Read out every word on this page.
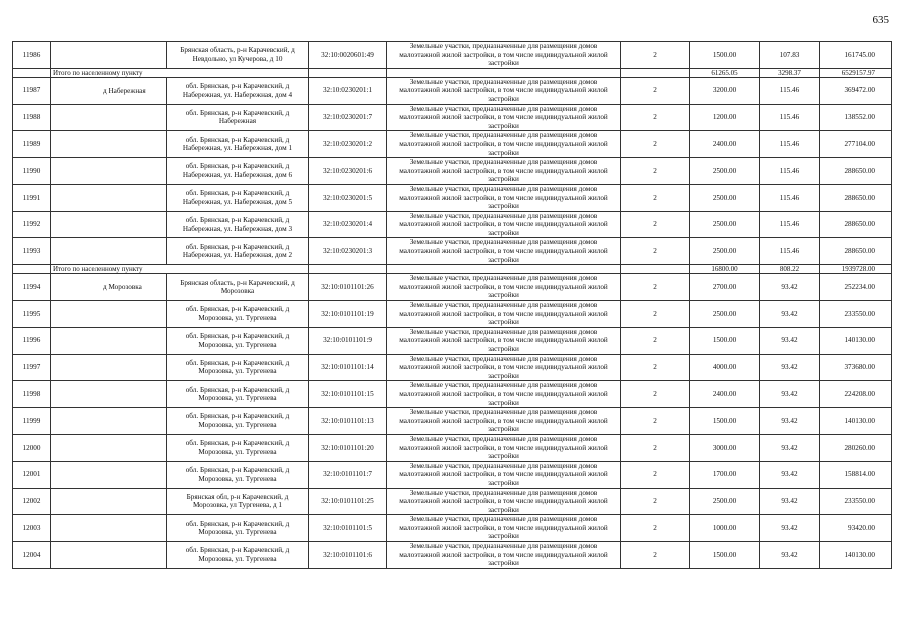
635
11986		Брянская область, р-н Карачевский, д Невдольно, ул Кучерова, д 10	32:10:0020601:49	Земельные участки, предназначенные для размещения домов малоэтажной жилой застройки, в том числе индивидуальной жилой застройки	2	1500.00	107.83	161745.00
	Итого по населенному пункту					61265.05	3298.37	6529157.97
11987	д Набережная	обл. Брянская, р-н Карачевский, д Набережная, ул. Набережная, дом 4	32:10:0230201:1	Земельные участки, предназначенные для размещения домов малоэтажной жилой застройки, в том числе индивидуальной жилой застройки	2	3200.00	115.46	369472.00
11988		обл. Брянская, р-н Карачевский, д Набережная	32:10:0230201:7	Земельные участки, предназначенные для размещения домов малоэтажной жилой застройки, в том числе индивидуальной жилой застройки	2	1200.00	115.46	138552.00
11989		обл. Брянская, р-н Карачевский, д Набережная, ул. Набережная, дом 1	32:10:0230201:2	Земельные участки, предназначенные для размещения домов малоэтажной жилой застройки, в том числе индивидуальной жилой застройки	2	2400.00	115.46	277104.00
11990		обл. Брянская, р-н Карачевский, д Набережная, ул. Набережная, дом 6	32:10:0230201:6	Земельные участки, предназначенные для размещения домов малоэтажной жилой застройки, в том числе индивидуальной жилой застройки	2	2500.00	115.46	288650.00
11991		обл. Брянская, р-н Карачевский, д Набережная, ул. Набережная, дом 5	32:10:0230201:5	Земельные участки, предназначенные для размещения домов малоэтажной жилой застройки, в том числе индивидуальной жилой застройки	2	2500.00	115.46	288650.00
11992		обл. Брянская, р-н Карачевский, д Набережная, ул. Набережная, дом 3	32:10:0230201:4	Земельные участки, предназначенные для размещения домов малоэтажной жилой застройки, в том числе индивидуальной жилой застройки	2	2500.00	115.46	288650.00
11993		обл. Брянская, р-н Карачевский, д Набережная, ул. Набережная, дом 2	32:10:0230201:3	Земельные участки, предназначенные для размещения домов малоэтажной жилой застройки, в том числе индивидуальной жилой застройки	2	2500.00	115.46	288650.00
	Итого по населенному пункту					16800.00	808.22	1939728.00
11994	д Морозовка	Брянская область, р-н Карачевский, д Морозовка	32:10:0101101:26	Земельные участки, предназначенные для размещения домов малоэтажной жилой застройки, в том числе индивидуальной жилой застройки	2	2700.00	93.42	252234.00
11995		обл. Брянская, р-н Карачевский, д Морозовка, ул. Тургенева	32:10:0101101:19	Земельные участки, предназначенные для размещения домов малоэтажной жилой застройки, в том числе индивидуальной жилой застройки	2	2500.00	93.42	233550.00
11996		обл. Брянская, р-н Карачевский, д Морозовка, ул. Тургенева	32:10:0101101:9	Земельные участки, предназначенные для размещения домов малоэтажной жилой застройки, в том числе индивидуальной жилой застройки	2	1500.00	93.42	140130.00
11997		обл. Брянская, р-н Карачевский, д Морозовка, ул. Тургенева	32:10:0101101:14	Земельные участки, предназначенные для размещения домов малоэтажной жилой застройки, в том числе индивидуальной жилой застройки	2	4000.00	93.42	373680.00
11998		обл. Брянская, р-н Карачевский, д Морозовка, ул. Тургенева	32:10:0101101:15	Земельные участки, предназначенные для размещения домов малоэтажной жилой застройки, в том числе индивидуальной жилой застройки	2	2400.00	93.42	224208.00
11999		обл. Брянская, р-н Карачевский, д Морозовка, ул. Тургенева	32:10:0101101:13	Земельные участки, предназначенные для размещения домов малоэтажной жилой застройки, в том числе индивидуальной жилой застройки	2	1500.00	93.42	140130.00
12000		обл. Брянская, р-н Карачевский, д Морозовка, ул. Тургенева	32:10:0101101:20	Земельные участки, предназначенные для размещения домов малоэтажной жилой застройки, в том числе индивидуальной жилой застройки	2	3000.00	93.42	280260.00
12001		обл. Брянская, р-н Карачевский, д Морозовка, ул. Тургенева	32:10:0101101:7	Земельные участки, предназначенные для размещения домов малоэтажной жилой застройки, в том числе индивидуальной жилой застройки	2	1700.00	93.42	158814.00
12002		Брянская обл, р-н Карачевский, д Морозовка, ул Тургенева, д 1	32:10:0101101:25	Земельные участки, предназначенные для размещения домов малоэтажной жилой застройки, в том числе индивидуальной жилой застройки	2	2500.00	93.42	233550.00
12003		обл. Брянская, р-н Карачевский, д Морозовка, ул. Тургенева	32:10:0101101:5	Земельные участки, предназначенные для размещения домов малоэтажной жилой застройки, в том числе индивидуальной жилой застройки	2	1000.00	93.42	93420.00
12004		обл. Брянская, р-н Карачевский, д Морозовка, ул. Тургенева	32:10:0101101:6	Земельные участки, предназначенные для размещения домов малоэтажной жилой застройки, в том числе индивидуальной жилой застройки	2	1500.00	93.42	140130.00
